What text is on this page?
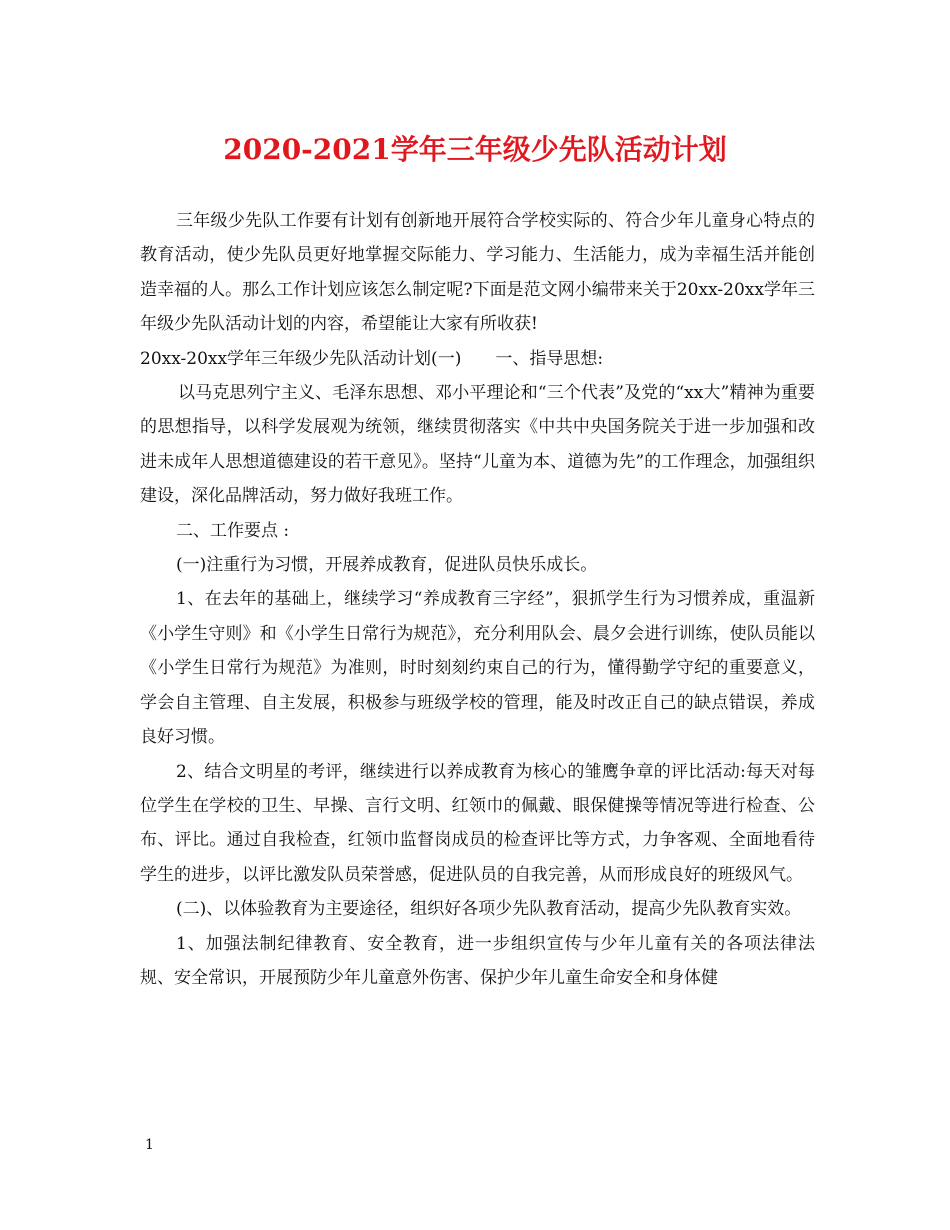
2020-2021学年三年级少先队活动计划

三年级少先队工作要有计划有创新地开展符合学校实际的、符合少年儿童身心特点的教育活动，使少先队员更好地掌握交际能力、学习能力、生活能力，成为幸福生活并能创造幸福的人。那么工作计划应该怎么制定呢?下面是范文网小编带来关于20xx-20xx学年三年级少先队活动计划的内容，希望能让大家有所收获!

20xx-20xx学年三年级少先队活动计划(一)　　一、指导思想:

以马克思列宁主义、毛泽东思想、邓小平理论和“三个代表”及党的“xx大”精神为重要的思想指导，以科学发展观为统领，继续贯彻落实《中共中央国务院关于进一步加强和改进未成年人思想道德建设的若干意见》。坚持“儿童为本、道德为先”的工作理念，加强组织建设，深化品牌活动，努力做好我班工作。

二、工作要点 :

(一)注重行为习惯，开展养成教育，促进队员快乐成长。

1、在去年的基础上，继续学习“养成教育三字经”，狠抓学生行为习惯养成，重温新《小学生守则》和《小学生日常行为规范》，充分利用队会、晨夕会进行训练，使队员能以《小学生日常行为规范》为准则，时时刻刻约束自己的行为，懂得勤学守纪的重要意义，学会自主管理、自主发展，积极参与班级学校的管理，能及时改正自己的缺点错误，养成良好习惯。

2、结合文明星的考评，继续进行以养成教育为核心的雏鹰争章的评比活动:每天对每位学生在学校的卫生、早操、言行文明、红领巾的佩戴、眼保健操等情况等进行检查、公布、评比。通过自我检查，红领巾监督岗成员的检查评比等方式，力争客观、全面地看待学生的进步，以评比激发队员荣誉感，促进队员的自我完善，从而形成良好的班级风气。

(二)、以体验教育为主要途径，组织好各项少先队教育活动，提高少先队教育实效。

1、加强法制纪律教育、安全教育，进一步组织宣传与少年儿童有关的各项法律法规、安全常识，开展预防少年儿童意外伤害、保护少年儿童生命安全和身体健

1
